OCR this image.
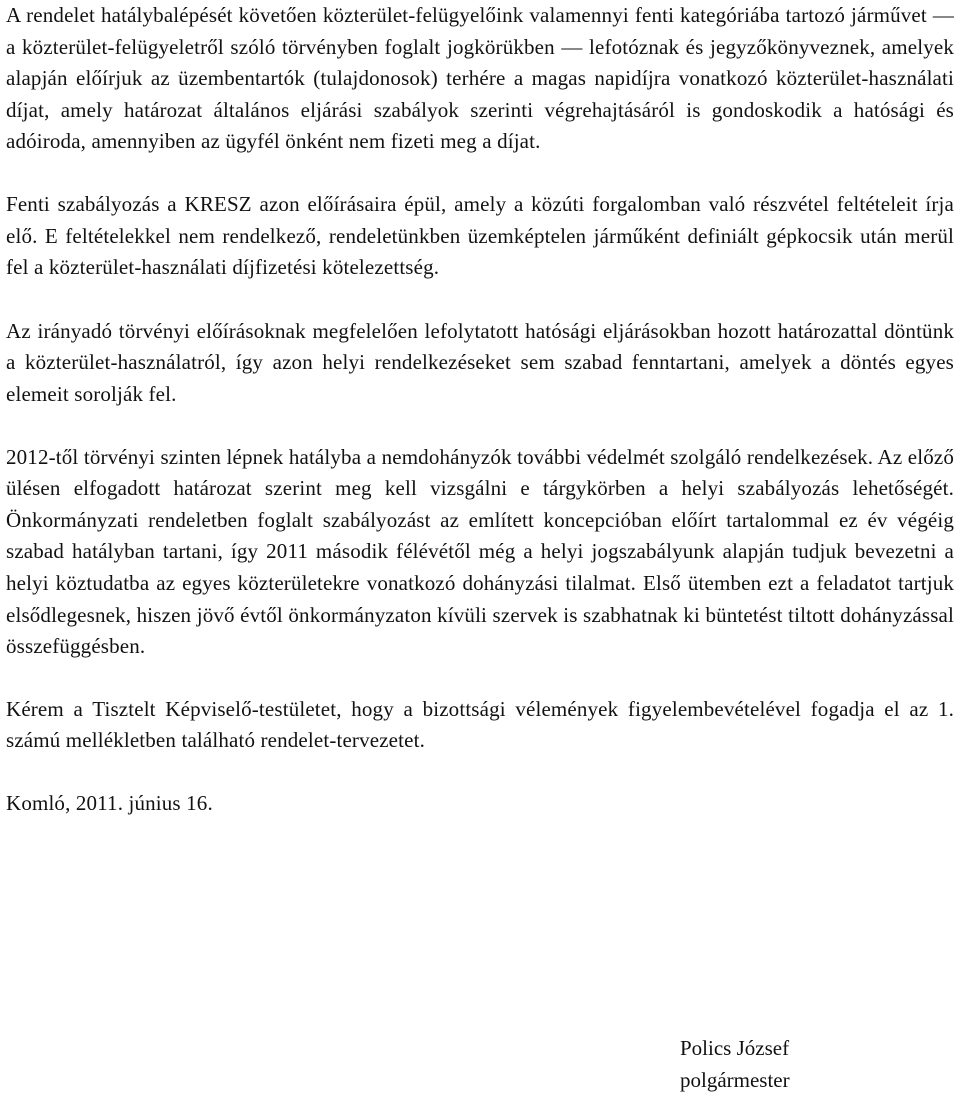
A rendelet hatálybalépését követően közterület-felügyelőink valamennyi fenti kategóriába tartozó járművet — a közterület-felügyeletről szóló törvényben foglalt jogkörükben — lefotóznak és jegyzőkönyveznek, amelyek alapján előírjuk az üzembentartók (tulajdonosok) terhére a magas napidíjra vonatkozó közterület-használati díjat, amely határozat általános eljárási szabályok szerinti végrehajtásáról is gondoskodik a hatósági és adóiroda, amennyiben az ügyfél önként nem fizeti meg a díjat.

Fenti szabályozás a KRESZ azon előírásaira épül, amely a közúti forgalomban való részvétel feltételeit írja elő. E feltételekkel nem rendelkező, rendeletünkben üzemképtelen járműként definiált gépkocsik után merül fel a közterület-használati díjfizetési kötelezettség.

Az irányadó törvényi előírásoknak megfelelően lefolytatott hatósági eljárásokban hozott határozattal döntünk a közterület-használatról, így azon helyi rendelkezéseket sem szabad fenntartani, amelyek a döntés egyes elemeit sorolják fel.

2012-től törvényi szinten lépnek hatályba a nemdohányzók további védelmét szolgáló rendelkezések. Az előző ülésen elfogadott határozat szerint meg kell vizsgálni e tárgykörben a helyi szabályozás lehetőségét. Önkormányzati rendeletben foglalt szabályozást az említett koncepcióban előírt tartalommal ez év végéig szabad hatályban tartani, így 2011 második félévétől még a helyi jogszabályunk alapján tudjuk bevezetni a helyi köztudatba az egyes közterületekre vonatkozó dohányzási tilalmat. Első ütemben ezt a feladatot tartjuk elsődlegesnek, hiszen jövő évtől önkormányzaton kívüli szervek is szabhatnak ki büntetést tiltott dohányzással összefüggésben.

Kérem a Tisztelt Képviselő-testületet, hogy a bizottsági vélemények figyelembevételével fogadja el az 1. számú mellékletben található rendelet-tervezetet.

Komló, 2011. június 16.

Polics József
polgármester
